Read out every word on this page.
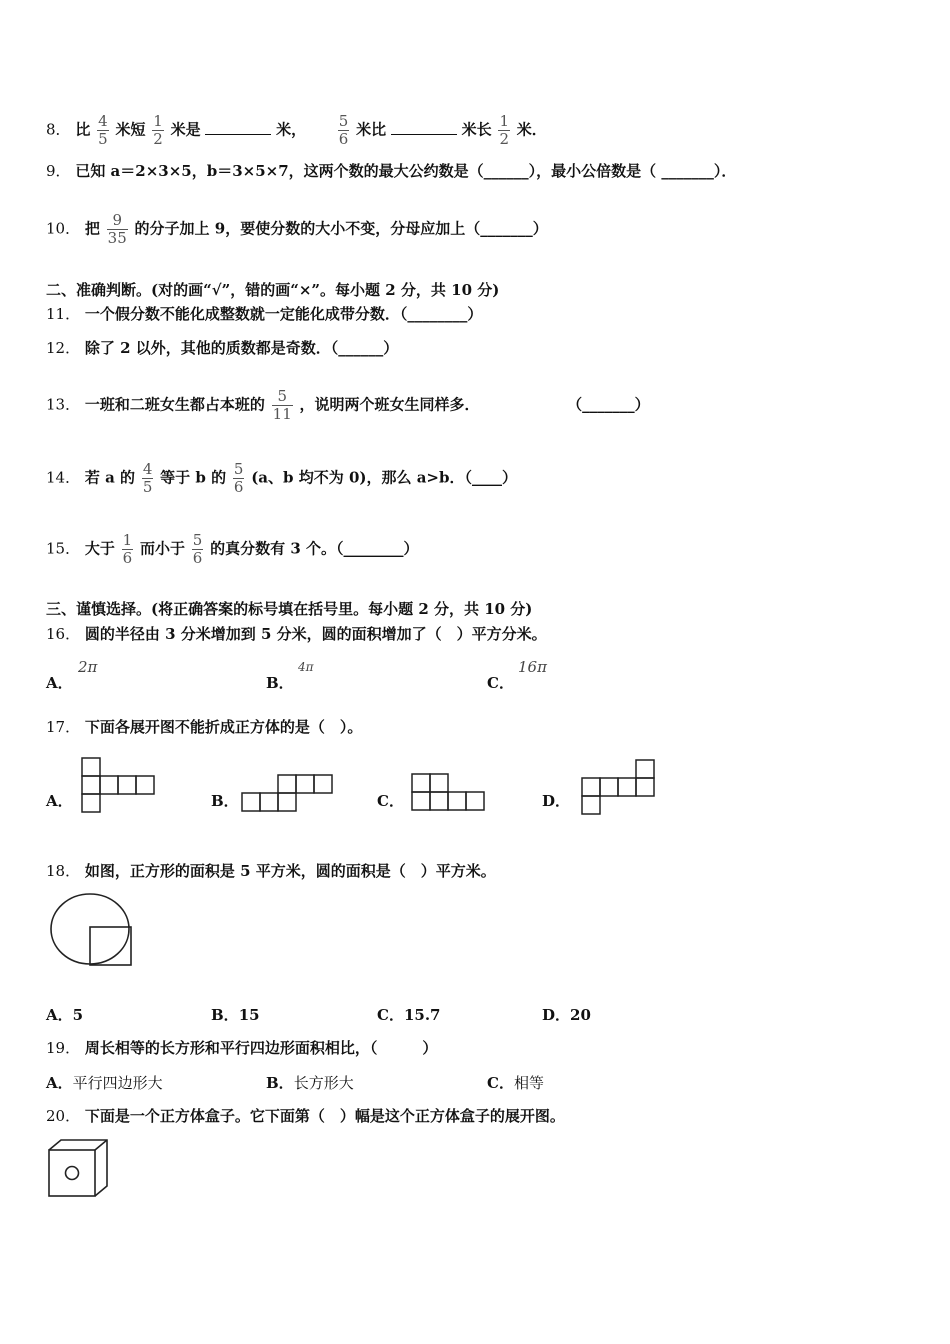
8． 比 $\frac{4}{5}$ 米短 $\frac{1}{2}$ 米是	米， $\frac{5}{6}$ 米比	米长 $\frac{1}{2}$ 米．
9． 已知 a＝2×3×5，b＝3×5×7，这两个数的最大公约数是（______），最小公倍数是（ _______）．
10． 把 $\frac{9}{35}$ 的分子加上 9，要使分数的大小不变，分母应加上（_______）
二、准确判断。(对的画“√”，错的画“×”。每小题 2 分，共 10 分)
11． 一个假分数不能化成整数就一定能化成带分数．（________）
12． 除了 2 以外，其他的质数都是奇数．（______）
13． 一班和二班女生都占本班的 $\frac{5}{11}$ ，说明两个班女生同样多．	（_______）
14． 若 a 的 $\frac{4}{5}$ 等于 b 的 $\frac{5}{6} (a$、b 均不为 0)，那么 a>b．（____）
15． 大于 $\frac{1}{6}$ 而小于 $\frac{5}{6}$ 的真分数有 3 个。（________）
三、谨慎选择。(将正确答案的标号填在括号里。每小题 2 分，共 10 分)
16． 圆的半径由 3 分米增加到 5 分米，圆的面积增加了（　）平方分米。
A．
2π
B．
4π
C．
16π
17． 下面各展开图不能折成正方体的是（　）。
A．	B．	C．	D．
18． 如图，正方形的面积是 5 平方米，圆的面积是（　）平方米。
A．5	B．15	C．15.7	D．20
19． 周长相等的长方形和平行四边形面积相比，（　　　）
A．平行四边形大	B．长方形大	C．相等
20． 下面是一个正方体盒子。它下面第（　）幅是这个正方体盒子的展开图。
